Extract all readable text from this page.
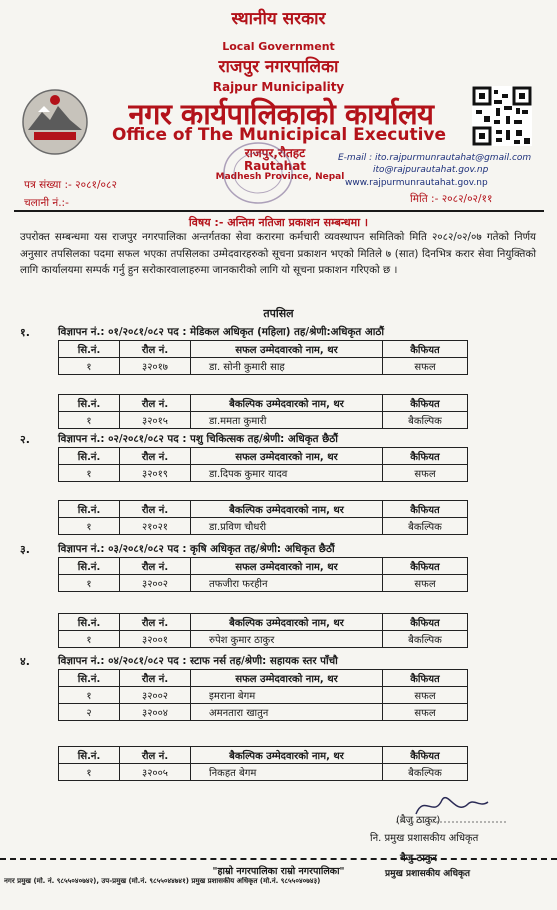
स्थानीय सरकार
Local Government
राजपुर नगरपालिका
Rajpur Municipality
नगर कार्यपालिकाको कार्यालय
Office of The Municipical Executive
राजपुर,रौतहट
Rautahat
Madhesh Province, Nepal
E-mail : ito.rajpurmunrautahat@gmail.com
ito@rajpurautahat.gov.np
www.rajpurmunrautahat.gov.np
पत्र संख्या :- २०८१/०८२
चलानी नं.:-	मिति :- २०८२/०२/११
विषय :- अन्तिम नतिजा प्रकाशन सम्बन्धमा ।
उपरोक्त सम्बन्धमा यस राजपुर नगरपालिका अन्तर्गतका सेवा करारमा कर्मचारी व्यवस्थापन समितिको मिति २०८२/०२/०७ गतेको निर्णय अनुसार तपसिलका पदमा सफल भएका तपसिलका उम्मेदवारहरुको सूचना प्रकाशन भएको मितिले ७ (सात) दिनभित्र करार सेवा नियुक्तिको लागि कार्यालयमा सम्पर्क गर्नु हुन सरोकारवालाहरुमा जानकारीको लागि यो सूचना प्रकाशन गरिएको छ ।
तपसिल
१.	विज्ञापन नं.: ०१/२०८१/०८२ पद : मेडिकल अधिकृत (महिला) तह/श्रेणी:अधिकृत आठौं
सि.नं.	रौल नं.	सफल उम्मेदवारको नाम, थर	कैफियत
१	३२०१७	डा. सोनी कुमारी साह	सफल
सि.नं.	रौल नं.	बैकल्पिक उम्मेदवारको नाम, थर	कैफियत
१	३२०१५	डा.ममता कुमारी	बैकल्पिक
२.	विज्ञापन नं.: ०२/२०८१/०८२ पद : पशु चिकित्सक तह/श्रेणी: अधिकृत छैठौं
सि.नं.	रौल नं.	सफल उम्मेदवारको नाम, थर	कैफियत
१	३२०१९	डा.दिपक कुमार यादव	सफल
सि.नं.	रौल नं.	बैकल्पिक उम्मेदवारको नाम, थर	कैफियत
१	२१०२१	डा.प्रविण चौधरी	बैकल्पिक
३.	विज्ञापन नं.: ०३/२०८१/०८२ पद : कृषि अधिकृत तह/श्रेणी: अधिकृत छैठौं
सि.नं.	रौल नं.	सफल उम्मेदवारको नाम, थर	कैफियत
१	३२००२	तफजीरा फरहीन	सफल
सि.नं.	रौल नं.	बैकल्पिक उम्मेदवारको नाम, थर	कैफियत
१	३२००१	रुपेश कुमार ठाकुर	बैकल्पिक
४.	विज्ञापन नं.: ०४/२०८१/०८२ पद : स्टाफ नर्स तह/श्रेणी: सहायक स्तर पाँचौ
सि.नं.	रौल नं.	सफल उम्मेदवारको नाम, थर	कैफियत
१	३२००२	इमराना बेगम	सफल
२	३२००४	अमनतारा खातुन	सफल
सि.नं.	रौल नं.	बैकल्पिक उम्मेदवारको नाम, थर	कैफियत
१	३२००५	निकहत बेगम	बैकल्पिक
(बैजु ठाकुर)
नि. प्रमुख प्रशासकीय अधिकृत
बैजु ठाकुर
"हाम्रो नगरपालिका राम्रो नगरपालिका"	प्रमुख प्रशासकीय अधिकृत
नगर प्रमुख (मो. नं. ९८५५०४०७४२), उप-प्रमुख (मो.नं. ९८५५०४४७४१) प्रमुख प्रशासकीय अधिकृत (मो.नं. ९८५५०४०७४३)
